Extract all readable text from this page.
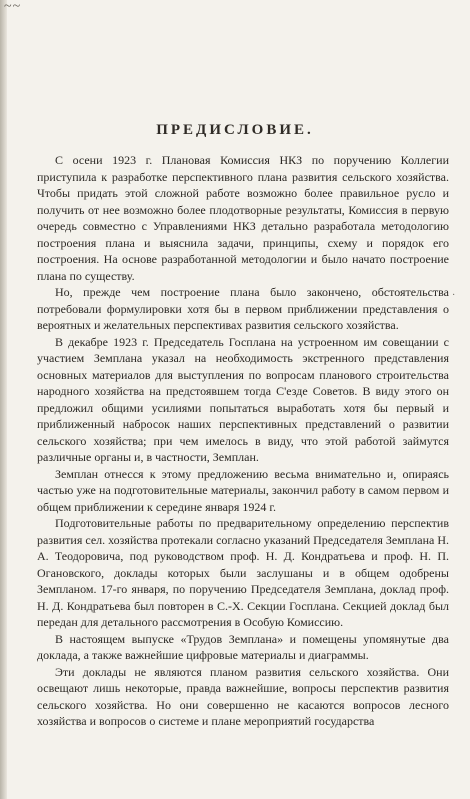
~~
ПРЕДИСЛОВИЕ.
·

С осени 1923 г. Плановая Комиссия НКЗ по поручению Коллегии приступила к разработке перспективного плана развития сельского хозяйства. Чтобы придать этой сложной работе возможно более правильное русло и получить от нее возможно более плодотворные результаты, Комиссия в первую очередь совместно с Управлениями НКЗ детально разработала методологию построения плана и выяснила задачи, принципы, схему и порядок его построения. На основе разработанной методологии и было начато построение плана по существу.

Но, прежде чем построение плана было закончено, обстоятельства потребовали формулировки хотя бы в первом приближении представления о вероятных и желательных перспективах развития сельского хозяйства.

В декабре 1923 г. Председатель Госплана на устроенном им совещании с участием Земплана указал на необходимость экстренного представления основных материалов для выступления по вопросам планового строительства народного хозяйства на предстоявшем тогда С'езде Советов. В виду этого он предложил общими усилиями попытаться выработать хотя бы первый и приближенный набросок наших перспективных представлений о развитии сельского хозяйства; при чем имелось в виду, что этой работой займутся различные органы и, в частности, Земплан.

Земплан отнесся к этому предложению весьма внимательно и, опираясь частью уже на подготовительные материалы, закончил работу в самом первом и общем приближении к середине января 1924 г.

Подготовительные работы по предварительному определению перспектив развития сел. хозяйства протекали согласно указаний Председателя Земплана Н. А. Теодоровича, под руководством проф. Н. Д. Кондратьева и проф. Н. П. Огановского, доклады которых были заслушаны и в общем одобрены Земпланом. 17-го января, по поручению Председателя Земплана, доклад проф. Н. Д. Кондратьева был повторен в С.-Х. Секции Госплана. Секцией доклад был передан для детального рассмотрения в Особую Комиссию.

В настоящем выпуске «Трудов Земплана» и помещены упомянутые два доклада, а также важнейшие цифровые материалы и диаграммы.

Эти доклады не являются планом развития сельского хозяйства. Они освещают лишь некоторые, правда важнейшие, вопросы перспектив развития сельского хозяйства. Но они совершенно не касаются вопросов лесного хозяйства и вопросов о системе и плане мероприятий государства
